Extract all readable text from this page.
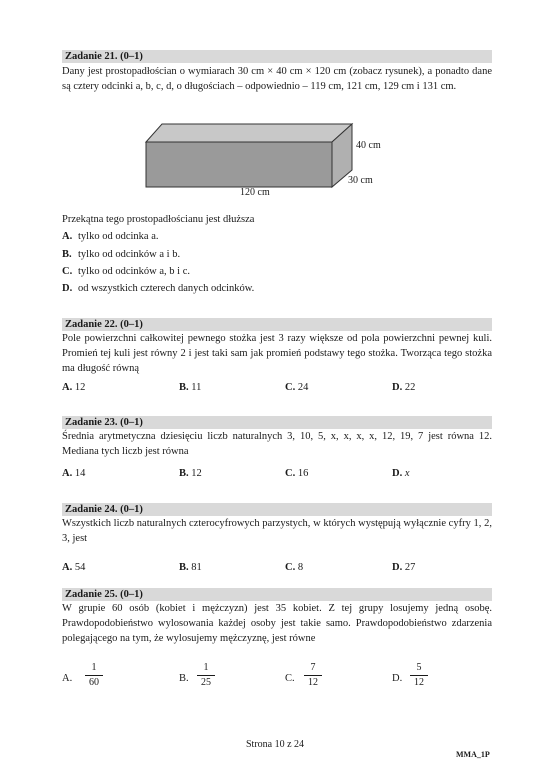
Zadanie 21. (0–1)
Dany jest prostopadłościan o wymiarach 30 cm × 40 cm × 120 cm (zobacz rysunek), a ponadto dane są cztery odcinki a, b, c, d, o długościach – odpowiednio – 119 cm, 121 cm, 129 cm i 131 cm.
40 cm
30 cm
120 cm
Przekątna tego prostopadłościanu jest dłuższa
A. tylko od odcinka a.
B. tylko od odcinków a i b.
C. tylko od odcinków a, b i c.
D. od wszystkich czterech danych odcinków.
Zadanie 22. (0–1)
Pole powierzchni całkowitej pewnego stożka jest 3 razy większe od pola powierzchni pewnej kuli. Promień tej kuli jest równy 2 i jest taki sam jak promień podstawy tego stożka. Tworząca tego stożka ma długość równą
A. 12	B. 11	C. 24	D. 22
Zadanie 23. (0–1)
Średnia arytmetyczna dziesięciu liczb naturalnych 3, 10, 5, x, x, x, x, 12, 19, 7 jest równa 12. Mediana tych liczb jest równa
A. 14	B. 12	C. 16	D. x
Zadanie 24. (0–1)
Wszystkich liczb naturalnych czterocyfrowych parzystych, w których występują wyłącznie cyfry 1, 2, 3, jest
A. 54	B. 81	C. 8	D. 27
Zadanie 25. (0–1)
W grupie 60 osób (kobiet i mężczyzn) jest 35 kobiet. Z tej grupy losujemy jedną osobę. Prawdopodobieństwo wylosowania każdej osoby jest takie samo. Prawdopodobieństwo zdarzenia polegającego na tym, że wylosujemy mężczyznę, jest równe
A.
1
60	B.
1
25	C.
7
12	D.
5
12
Strona 10 z 24
MMA_1P
